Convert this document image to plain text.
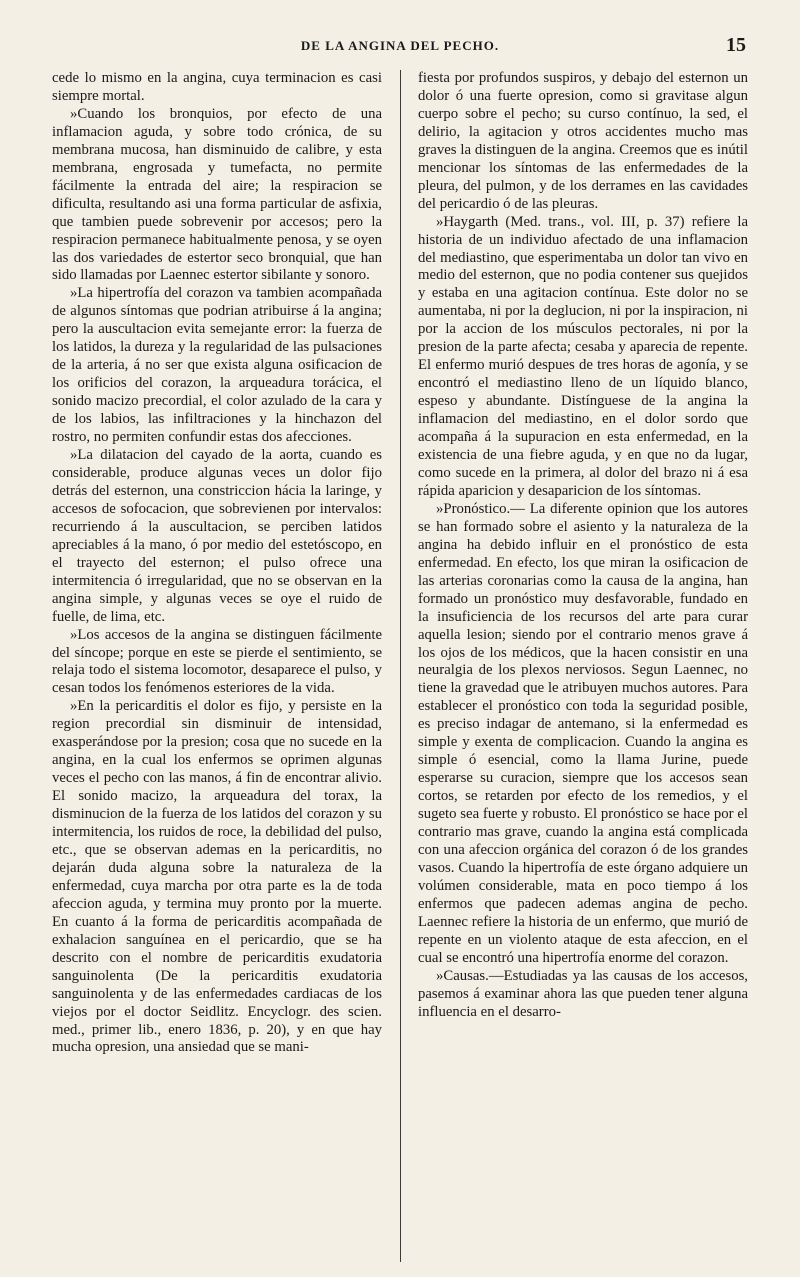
DE LA ANGINA DEL PECHO.	15

cede lo mismo en la angina, cuya terminacion es casi siempre mortal.

»Cuando los bronquios, por efecto de una inflamacion aguda, y sobre todo crónica, de su membrana mucosa, han disminuido de calibre, y esta membrana, engrosada y tumefacta, no permite fácilmente la entrada del aire; la respiracion se dificulta, resultando asi una forma particular de asfixia, que tambien puede sobrevenir por accesos; pero la respiracion permanece habitualmente penosa, y se oyen las dos variedades de estertor seco bronquial, que han sido llamadas por Laennec estertor sibilante y sonoro.

»La hipertrofía del corazon va tambien acompañada de algunos síntomas que podrian atribuirse á la angina; pero la auscultacion evita semejante error: la fuerza de los latidos, la dureza y la regularidad de las pulsaciones de la arteria, á no ser que exista alguna osificacion de los orificios del corazon, la arqueadura torácica, el sonido macizo precordial, el color azulado de la cara y de los labios, las infiltraciones y la hinchazon del rostro, no permiten confundir estas dos afecciones.

»La dilatacion del cayado de la aorta, cuando es considerable, produce algunas veces un dolor fijo detrás del esternon, una constriccion hácia la laringe, y accesos de sofocacion, que sobrevienen por intervalos: recurriendo á la auscultacion, se perciben latidos apreciables á la mano, ó por medio del estetóscopo, en el trayecto del esternon; el pulso ofrece una intermitencia ó irregularidad, que no se observan en la angina simple, y algunas veces se oye el ruido de fuelle, de lima, etc.

»Los accesos de la angina se distinguen fácilmente del síncope; porque en este se pierde el sentimiento, se relaja todo el sistema locomotor, desaparece el pulso, y cesan todos los fenómenos esteriores de la vida.

»En la pericarditis el dolor es fijo, y persiste en la region precordial sin disminuir de intensidad, exasperándose por la presion; cosa que no sucede en la angina, en la cual los enfermos se oprimen algunas veces el pecho con las manos, á fin de encontrar alivio. El sonido macizo, la arqueadura del torax, la disminucion de la fuerza de los latidos del corazon y su intermitencia, los ruidos de roce, la debilidad del pulso, etc., que se observan ademas en la pericarditis, no dejarán duda alguna sobre la naturaleza de la enfermedad, cuya marcha por otra parte es la de toda afeccion aguda, y termina muy pronto por la muerte. En cuanto á la forma de pericarditis acompañada de exhalacion sanguínea en el pericardio, que se ha descrito con el nombre de pericarditis exudatoria sanguinolenta (De la pericarditis exudatoria sanguinolenta y de las enfermedades cardiacas de los viejos por el doctor Seidlitz. Encyclogr. des scien. med., primer lib., enero 1836, p. 20), y en que hay mucha opresion, una ansiedad que se mani-

fiesta por profundos suspiros, y debajo del esternon un dolor ó una fuerte opresion, como si gravitase algun cuerpo sobre el pecho; su curso contínuo, la sed, el delirio, la agitacion y otros accidentes mucho mas graves la distinguen de la angina. Creemos que es inútil mencionar los síntomas de las enfermedades de la pleura, del pulmon, y de los derrames en las cavidades del pericardio ó de las pleuras.

»Haygarth (Med. trans., vol. III, p. 37) refiere la historia de un individuo afectado de una inflamacion del mediastino, que esperimentaba un dolor tan vivo en medio del esternon, que no podia contener sus quejidos y estaba en una agitacion contínua. Este dolor no se aumentaba, ni por la deglucion, ni por la inspiracion, ni por la accion de los músculos pectorales, ni por la presion de la parte afecta; cesaba y aparecia de repente. El enfermo murió despues de tres horas de agonía, y se encontró el mediastino lleno de un líquido blanco, espeso y abundante. Distínguese de la angina la inflamacion del mediastino, en el dolor sordo que acompaña á la supuracion en esta enfermedad, en la existencia de una fiebre aguda, y en que no da lugar, como sucede en la primera, al dolor del brazo ni á esa rápida aparicion y desaparicion de los síntomas.

»Pronóstico.— La diferente opinion que los autores se han formado sobre el asiento y la naturaleza de la angina ha debido influir en el pronóstico de esta enfermedad. En efecto, los que miran la osificacion de las arterias coronarias como la causa de la angina, han formado un pronóstico muy desfavorable, fundado en la insuficiencia de los recursos del arte para curar aquella lesion; siendo por el contrario menos grave á los ojos de los médicos, que la hacen consistir en una neuralgia de los plexos nerviosos. Segun Laennec, no tiene la gravedad que le atribuyen muchos autores. Para establecer el pronóstico con toda la seguridad posible, es preciso indagar de antemano, si la enfermedad es simple y exenta de complicacion. Cuando la angina es simple ó esencial, como la llama Jurine, puede esperarse su curacion, siempre que los accesos sean cortos, se retarden por efecto de los remedios, y el sugeto sea fuerte y robusto. El pronóstico se hace por el contrario mas grave, cuando la angina está complicada con una afeccion orgánica del corazon ó de los grandes vasos. Cuando la hipertrofía de este órgano adquiere un volúmen considerable, mata en poco tiempo á los enfermos que padecen ademas angina de pecho. Laennec refiere la historia de un enfermo, que murió de repente en un violento ataque de esta afeccion, en el cual se encontró una hipertrofía enorme del corazon.

»Causas.—Estudiadas ya las causas de los accesos, pasemos á examinar ahora las que pueden tener alguna influencia en el desarro-
